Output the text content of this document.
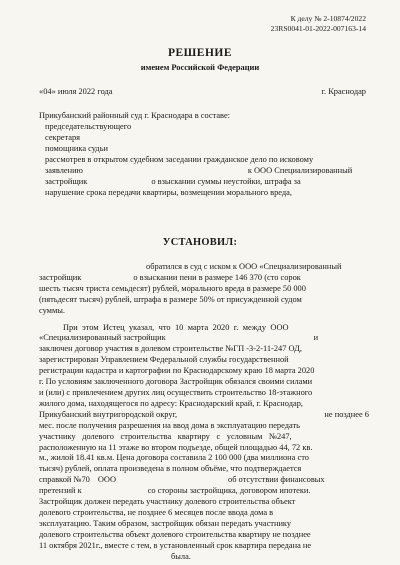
К делу № 2-10874/2022
23RS0041-01-2022-007163-14
РЕШЕНИЕ
именем Российской Федерации
«04» июля 2022 года	г. Краснодар
Прикубанский районный суд г. Краснодара в составе:
председательствующего
секретаря
помощника судьи
рассмотрев в открытом судебном заседании гражданское дело по исковому
заявлению	к ООО Специализированный
застройщик	о взыскании суммы неустойки, штрафа за
нарушение срока передачи квартиры, возмещении морального вреда,
УСТАНОВИЛ:
обратился в суд с иском к ООО «Специализированный
застройщик	о взыскании пени в размере 146 370 (сто сорок
шесть тысяч триста семьдесят) рублей, морального вреда в размере 50 000
(пятьдесят тысяч) рублей, штрафа в размере 50% от присужденной судом
суммы.
При этом Истец указал, что 10 марта 2020 г. между ООО
«Специализированный застройщик	и
заключен договор участия в долевом строительстве №ГП -3-2-11-247 ОД,
зарегистрирован Управлением Федеральной службы государственной
регистрации кадастра и картографии по Краснодарскому краю 18 марта 2020
г. По условиям заключенного договора Застройщик обязался своими силами
и (или) с привлечением других лиц осуществить строительство 18-этажного
жилого дома, находящегося по адресу: Краснодарский край, г. Краснодар,
Прикубанский внутригородской округ,	не позднее 6
мес. после получения разрешения на ввод дома в эксплуатацию передать
участнику долевого строительства квартиру с условным №247,
расположенную на 11 этаже во втором подъезде, общей площадью 44, 72 кв.
м., жилой 18.41 кв.м. Цена договора составила 2 100 000 (два миллиона сто
тысяч) рублей, оплата произведена в полном объёме, что подтверждается
справкой №70 ООО	об отсутствии финансовых
претензий к	со стороны застройщика, договором ипотеки.
Застройщик должен передать участнику долевого строительства объект
долевого строительства, не позднее 6 месяцев после ввода дома в
эксплуатацию. Таким образом, застройщик обязан передать участнику
долевого строительства объект долевого строительства квартиру не позднее
11 октября 2021г., вместе с тем, в установленный срок квартира передана не
была.
